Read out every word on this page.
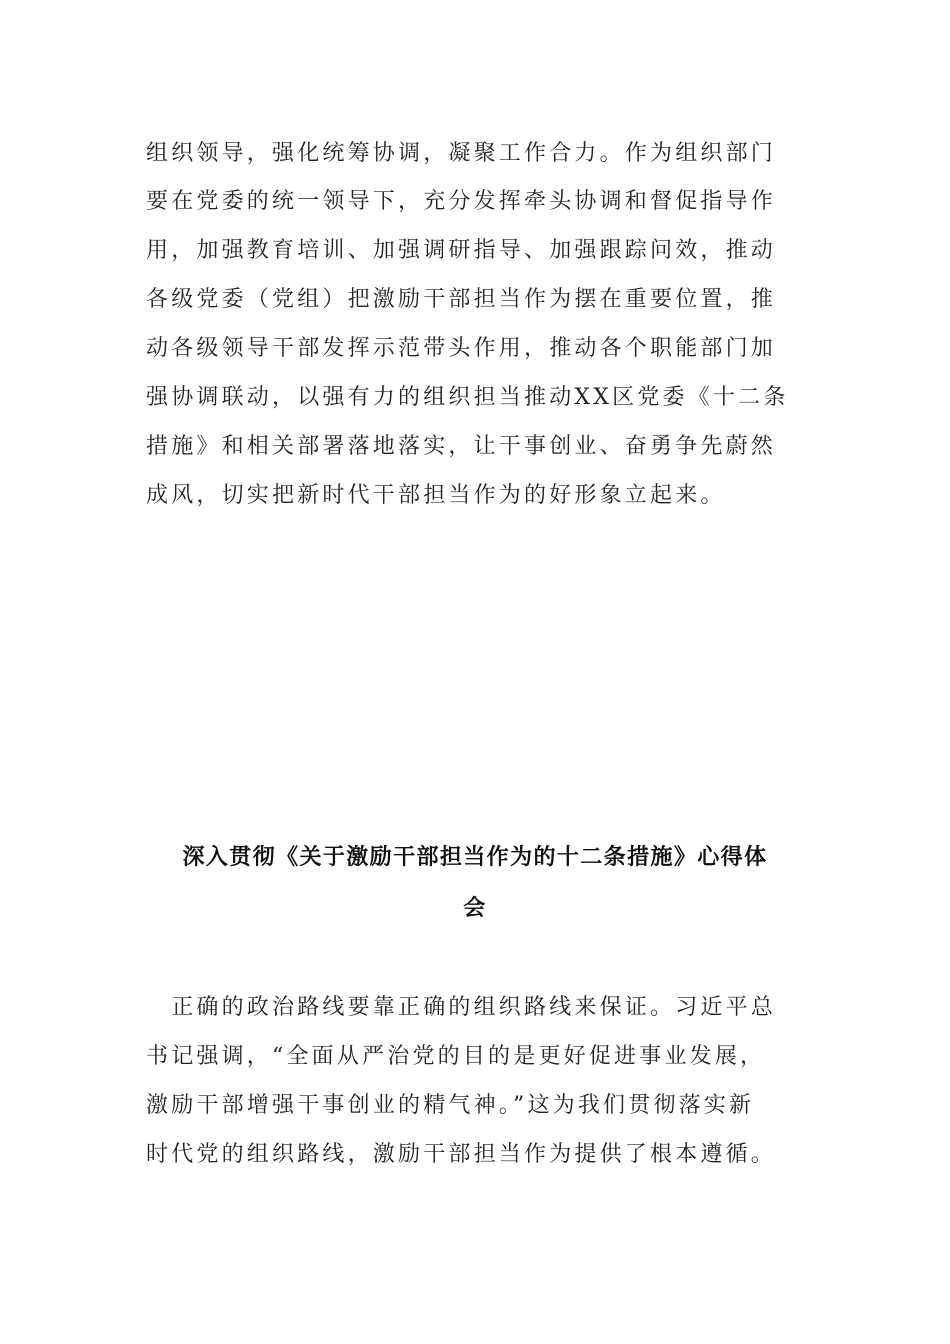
组织领导，强化统筹协调，凝聚工作合力。作为组织部门
要在党委的统一领导下，充分发挥牵头协调和督促指导作
用，加强教育培训、加强调研指导、加强跟踪问效，推动
各级党委（党组）把激励干部担当作为摆在重要位置，推
动各级领导干部发挥示范带头作用，推动各个职能部门加
强协调联动，以强有力的组织担当推动XX区党委《十二条
措施》和相关部署落地落实，让干事创业、奋勇争先蔚然
成风，切实把新时代干部担当作为的好形象立起来。
深入贯彻《关于激励干部担当作为的十二条措施》心得体
会
　正确的政治路线要靠正确的组织路线来保证。习近平总
书记强调，“全面从严治党的目的是更好促进事业发展，
激励干部增强干事创业的精气神。”这为我们贯彻落实新
时代党的组织路线，激励干部担当作为提供了根本遵循。
